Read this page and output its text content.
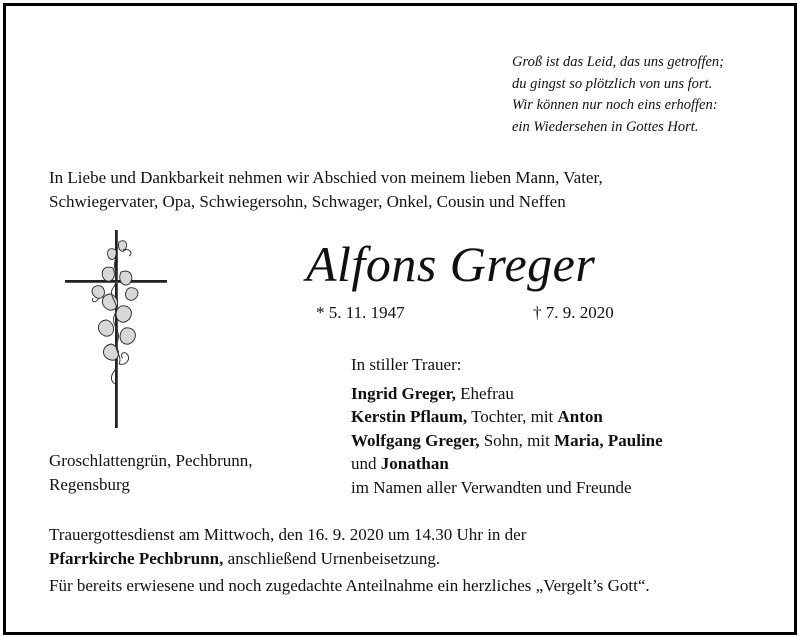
Groß ist das Leid, das uns getroffen;
du gingst so plötzlich von uns fort.
Wir können nur noch eins erhoffen:
ein Wiedersehen in Gottes Hort.
In Liebe und Dankbarkeit nehmen wir Abschied von meinem lieben Mann, Vater,
Schwiegervater, Opa, Schwiegersohn, Schwager, Onkel, Cousin und Neffen
Alfons Greger
* 5. 11. 1947	† 7. 9. 2020
In stiller Trauer:
Ingrid Greger, Ehefrau
Kerstin Pflaum, Tochter, mit Anton
Wolfgang Greger, Sohn, mit Maria, Pauline
und Jonathan
im Namen aller Verwandten und Freunde
Groschlattengrün, Pechbrunn,
Regensburg
Trauergottesdienst am Mittwoch, den 16. 9. 2020 um 14.30 Uhr in der
Pfarrkirche Pechbrunn, anschließend Urnenbeisetzung.
Für bereits erwiesene und noch zugedachte Anteilnahme ein herzliches „Vergelt’s Gott“.
